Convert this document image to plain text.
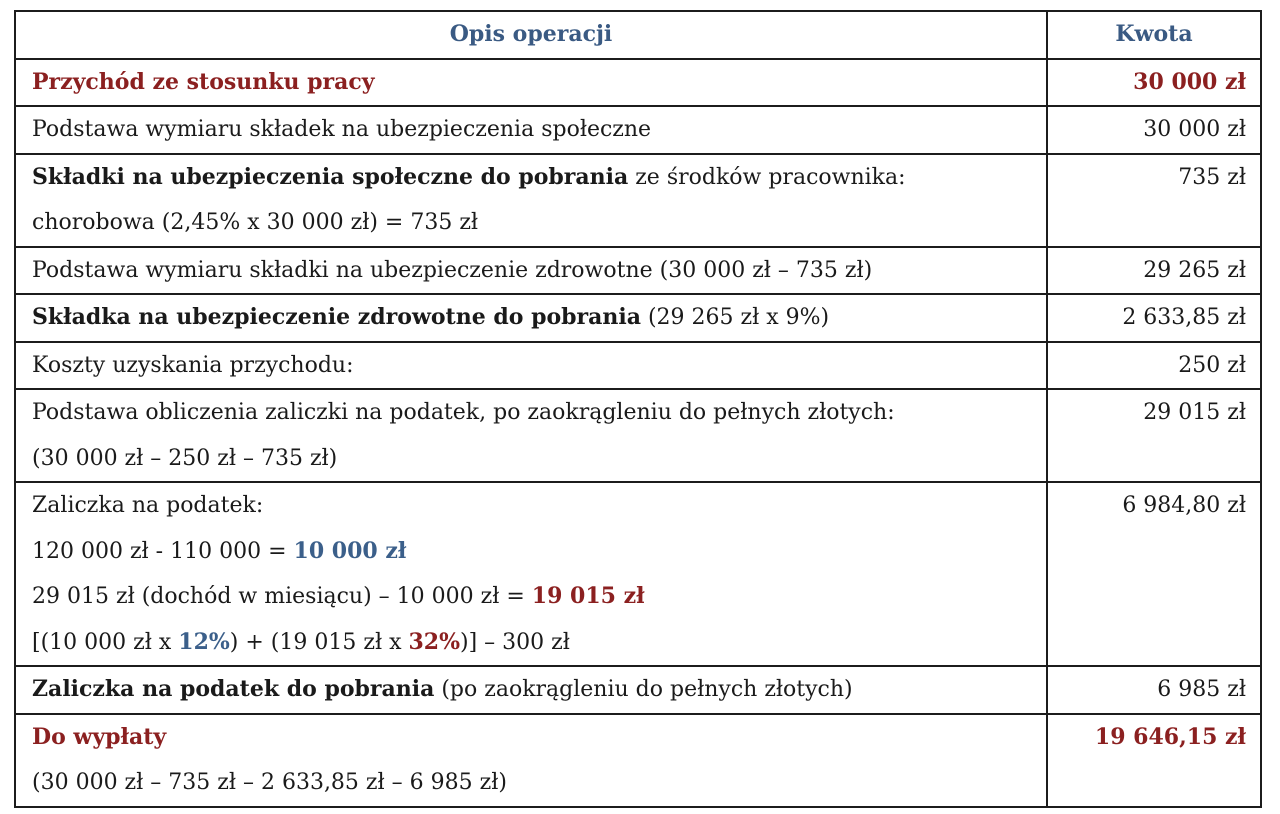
Opis operacji	Kwota
Przychód ze stosunku pracy	30 000 zł
Podstawa wymiaru składek na ubezpieczenia społeczne	30 000 zł

Składki na ubezpieczenia społeczne do pobrania ze środków pracownika:
chorobowa (2,45% x 30 000 zł) = 735 zł	735 zł
Podstawa wymiaru składki na ubezpieczenie zdrowotne (30 000 zł – 735 zł)	29 265 zł
Składka na ubezpieczenie zdrowotne do pobrania (29 265 zł x 9%)	2 633,85 zł
Koszty uzyskania przychodu:	250 zł

Podstawa obliczenia zaliczki na podatek, po zaokrągleniu do pełnych złotych:
(30 000 zł – 250 zł – 735 zł)	29 015 zł

Zaliczka na podatek:
120 000 zł - 110 000 = 10 000 zł
29 015 zł (dochód w miesiącu) – 10 000 zł = 19 015 zł
[(10 000 zł x 12%) + (19 015 zł x 32%)] – 300 zł	6 984,80 zł
Zaliczka na podatek do pobrania (po zaokrągleniu do pełnych złotych)	6 985 zł

Do wypłaty
(30 000 zł – 735 zł – 2 633,85 zł – 6 985 zł)	19 646,15 zł
